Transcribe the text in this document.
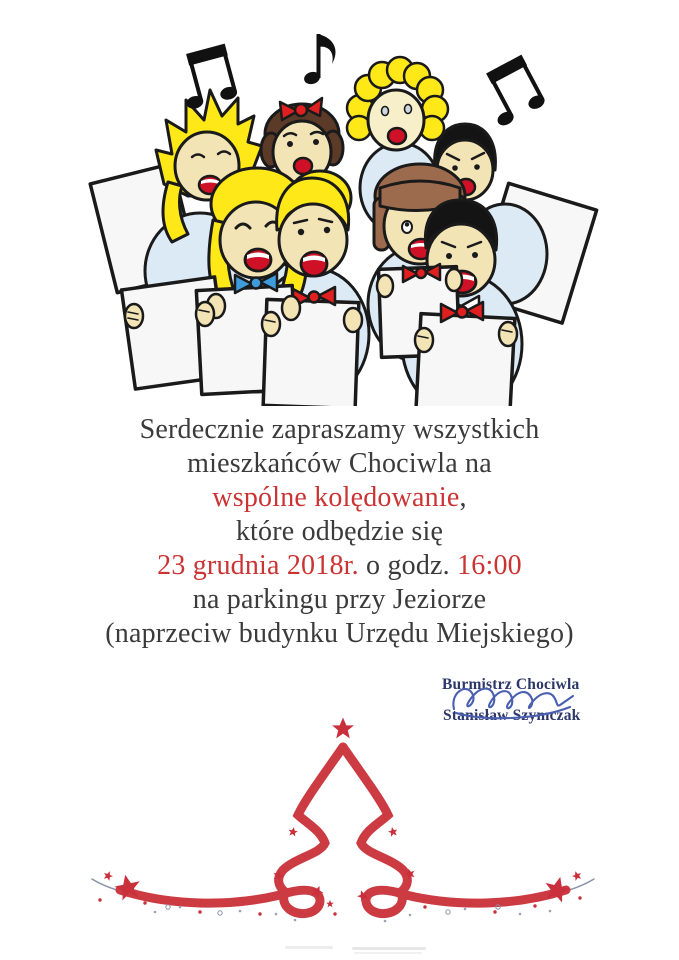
Serdecznie zapraszamy wszystkich
mieszkańców Chociwla na
wspólne kolędowanie,
które odbędzie się
23 grudnia 2018r. o godz. 16:00
na parkingu przy Jeziorze
(naprzeciw budynku Urzędu Miejskiego)
Burmistrz Chociwla
Stanisław Szymczak
